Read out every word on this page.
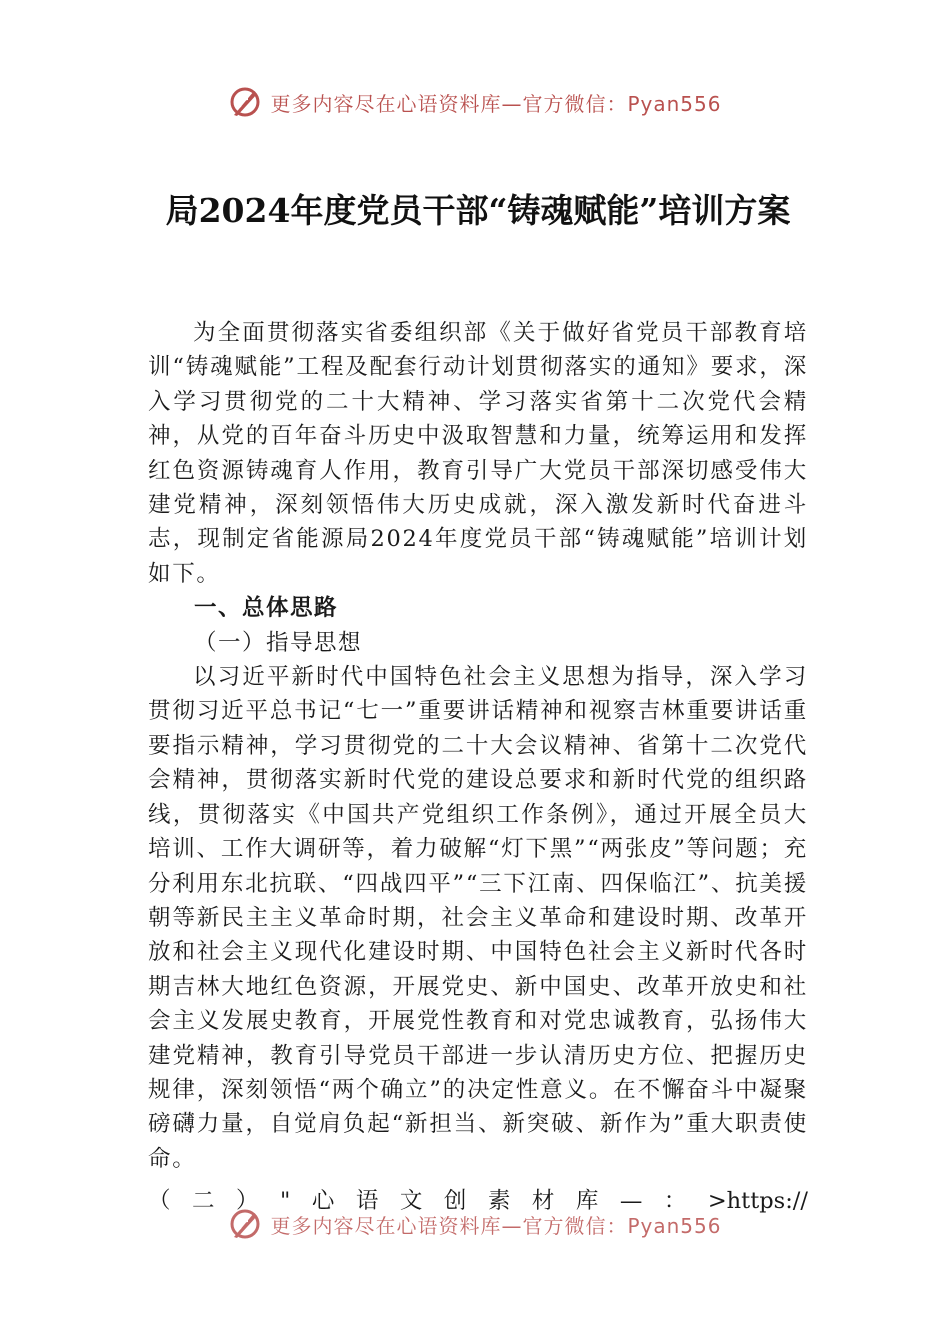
更多内容尽在心语资料库—官方微信：Pyan556
局2024年度党员干部“铸魂赋能”培训方案

为全面贯彻落实省委组织部《关于做好省党员干部教育培训“铸魂赋能”工程及配套行动计划贯彻落实的通知》要求，深入学习贯彻党的二十大精神、学习落实省第十二次党代会精神，从党的百年奋斗历史中汲取智慧和力量，统筹运用和发挥红色资源铸魂育人作用，教育引导广大党员干部深切感受伟大建党精神，深刻领悟伟大历史成就，深入激发新时代奋进斗志，现制定省能源局2024年度党员干部“铸魂赋能”培训计划如下。

一、总体思路

（一）指导思想

以习近平新时代中国特色社会主义思想为指导，深入学习贯彻习近平总书记“七一”重要讲话精神和视察吉林重要讲话重要指示精神，学习贯彻党的二十大会议精神、省第十二次党代会精神，贯彻落实新时代党的建设总要求和新时代党的组织路线，贯彻落实《中国共产党组织工作条例》，通过开展全员大培训、工作大调研等，着力破解“灯下黑”“两张皮”等问题；充分利用东北抗联、“四战四平”“三下江南、四保临江”、抗美援朝等新民主主义革命时期，社会主义革命和建设时期、改革开放和社会主义现代化建设时期、中国特色社会主义新时代各时期吉林大地红色资源，开展党史、新中国史、改革开放史和社会主义发展史教育，开展党性教育和对党忠诚教育，弘扬伟大建党精神，教育引导党员干部进一步认清历史方位、把握历史规律，深刻领悟“两个确立”的决定性意义。在不懈奋斗中凝聚磅礴力量，自觉肩负起“新担当、新突破、新作为”重大职责使命。

（ 二 ） " 心 语 文 创 素 材 库 — ： >https://
更多内容尽在心语资料库—官方微信：Pyan556
